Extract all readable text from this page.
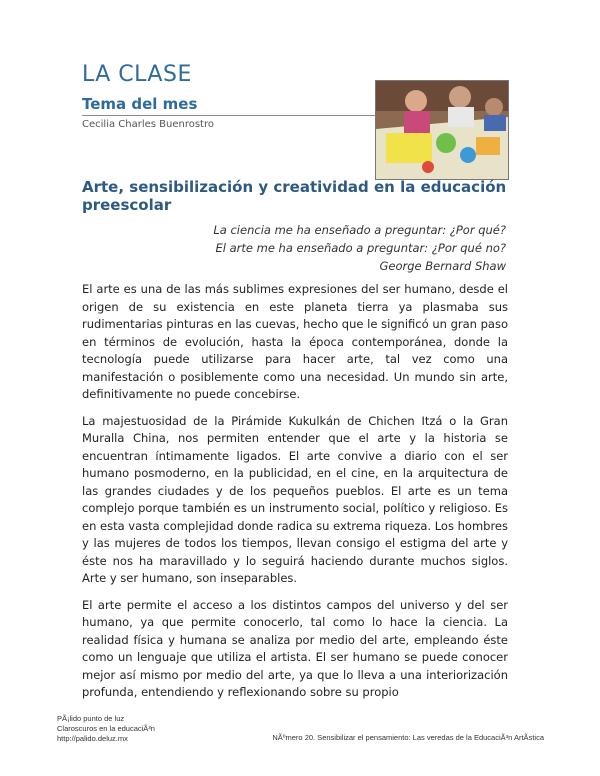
LA CLASE
Tema del mes
Cecilia Charles Buenrostro
Arte, sensibilización y creatividad en la educación preescolar
La ciencia me ha enseñado a preguntar: ¿Por qué?
El arte me ha enseñado a preguntar: ¿Por qué no?
George Bernard Shaw

El arte es una de las más sublimes expresiones del ser humano, desde el origen de su existencia en este planeta tierra ya plasmaba sus rudimentarias pinturas en las cuevas, hecho que le significó un gran paso en términos de evolución, hasta la época contemporánea, donde la tecnología puede utilizarse para hacer arte, tal vez como una manifestación o posiblemente como una necesidad. Un mundo sin arte, definitivamente no puede concebirse.

La majestuosidad de la Pirámide Kukulkán de Chichen Itzá o la Gran Muralla China, nos permiten entender que el arte y la historia se encuentran íntimamente ligados. El arte convive a diario con el ser humano posmoderno, en la publicidad, en el cine, en la arquitectura de las grandes ciudades y de los pequeños pueblos. El arte es un tema complejo porque también es un instrumento social, político y religioso. Es en esta vasta complejidad donde radica su extrema riqueza. Los hombres y las mujeres de todos los tiempos, llevan consigo el estigma del arte y éste nos ha maravillado y lo seguirá haciendo durante muchos siglos. Arte y ser humano, son inseparables.

El arte permite el acceso a los distintos campos del universo y del ser humano, ya que permite conocerlo, tal como lo hace la ciencia. La realidad física y humana se analiza por medio del arte, empleando éste como un lenguaje que utiliza el artista. El ser humano se puede conocer mejor así mismo por medio del arte, ya que lo lleva a una interiorización profunda, entendiendo y reflexionando sobre su propio

PÃ¡lido punto de luz
Claroscuros en la educaciÃ³n
http://palido.deluz.mx	NÃºmero 20. Sensibilizar el pensamiento: Las veredas de la EducaciÃ³n ArtÃstica
